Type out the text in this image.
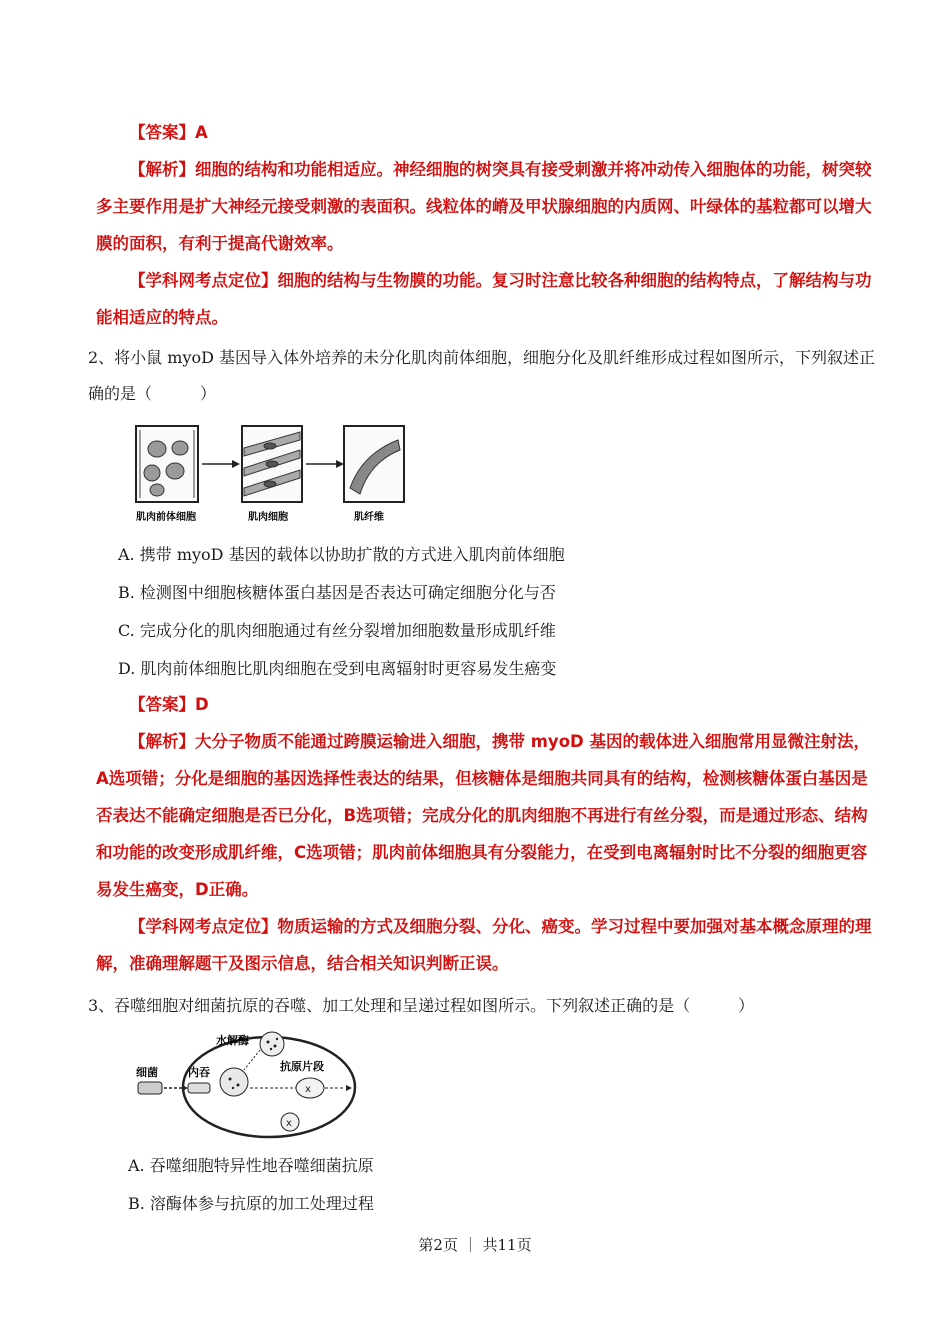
【答案】A

【解析】细胞的结构和功能相适应。神经细胞的树突具有接受刺激并将冲动传入细胞体的功能，树突较多主要作用是扩大神经元接受刺激的表面积。线粒体的嵴及甲状腺细胞的内质网、叶绿体的基粒都可以增大膜的面积，有利于提高代谢效率。

【学科网考点定位】细胞的结构与生物膜的功能。复习时注意比较各种细胞的结构特点，了解结构与功能相适应的特点。

2、将小鼠 myoD 基因导入体外培养的未分化肌肉前体细胞，细胞分化及肌纤维形成过程如图所示，下列叙述正确的是（　　　）
肌肉前体细胞	肌肉细胞	肌纤维
A. 携带 myoD 基因的载体以协助扩散的方式进入肌肉前体细胞
B. 检测图中细胞核糖体蛋白基因是否表达可确定细胞分化与否
C. 完成分化的肌肉细胞通过有丝分裂增加细胞数量形成肌纤维
D. 肌肉前体细胞比肌肉细胞在受到电离辐射时更容易发生癌变

【答案】D

【解析】大分子物质不能通过跨膜运输进入细胞，携带 myoD 基因的载体进入细胞常用显微注射法，A选项错；分化是细胞的基因选择性表达的结果，但核糖体是细胞共同具有的结构，检测核糖体蛋白基因是否表达不能确定细胞是否已分化，B选项错；完成分化的肌肉细胞不再进行有丝分裂，而是通过形态、结构和功能的改变形成肌纤维，C选项错；肌肉前体细胞具有分裂能力，在受到电离辐射时比不分裂的细胞更容易发生癌变，D正确。

【学科网考点定位】物质运输的方式及细胞分裂、分化、癌变。学习过程中要加强对基本概念原理的理解，准确理解题干及图示信息，结合相关知识判断正误。

3、吞噬细胞对细菌抗原的吞噬、加工处理和呈递过程如图所示。下列叙述正确的是（　　　）
细菌	内吞
水解酶
抗原片段
x
x
A. 吞噬细胞特异性地吞噬细菌抗原
B. 溶酶体参与抗原的加工处理过程
第2页 ｜ 共11页
